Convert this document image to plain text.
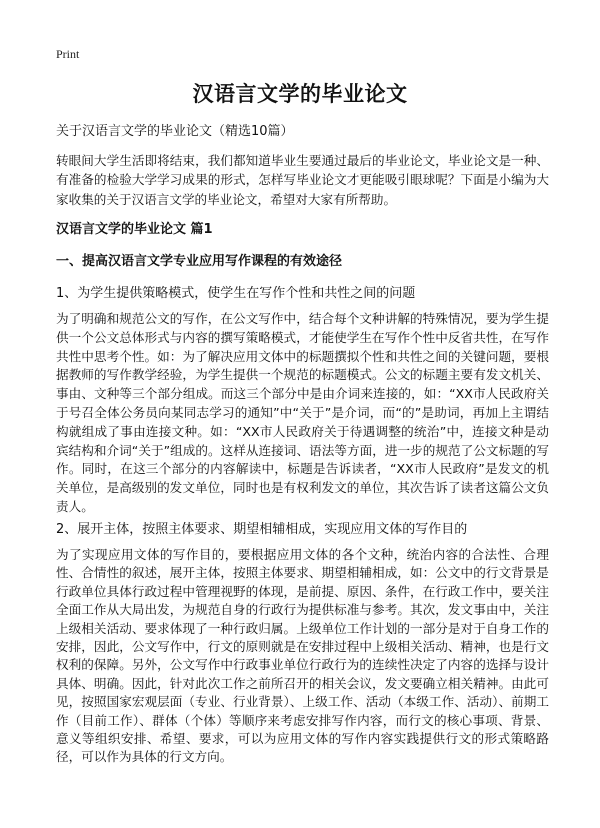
Print
汉语言文学的毕业论文
关于汉语言文学的毕业论文（精选10篇）

转眼间大学生活即将结束，我们都知道毕业生要通过最后的毕业论文，毕业论文是一种、有准备的检验大学学习成果的形式，怎样写毕业论文才更能吸引眼球呢？下面是小编为大家收集的关于汉语言文学的毕业论文，希望对大家有所帮助。

汉语言文学的毕业论文 篇1
一、提高汉语言文学专业应用写作课程的有效途径
1、为学生提供策略模式，使学生在写作个性和共性之间的问题

为了明确和规范公文的写作，在公文写作中，结合每个文种讲解的特殊情况，要为学生提供一个公文总体形式与内容的撰写策略模式，才能使学生在写作个性中反省共性，在写作共性中思考个性。如：为了解决应用文体中的标题撰拟个性和共性之间的关键问题，要根据教师的写作教学经验，为学生提供一个规范的标题模式。公文的标题主要有发文机关、事由、文种等三个部分组成。而这三个部分中是由介词来连接的，如：“XX市人民政府关于号召全体公务员向某同志学习的通知”中“关于”是介词，而“的”是助词，再加上主谓结构就组成了事由连接文种。如：“XX市人民政府关于待遇调整的统治”中，连接文种是动宾结构和介词“关于”组成的。这样从连接词、语法等方面，进一步的规范了公文标题的写作。同时，在这三个部分的内容解读中，标题是告诉读者，“XX市人民政府”是发文的机关单位，是高级别的发文单位，同时也是有权利发文的单位，其次告诉了读者这篇公文负责人。

2、展开主体，按照主体要求、期望相辅相成，实现应用文体的写作目的

为了实现应用文体的写作目的，要根据应用文体的各个文种，统治内容的合法性、合理性、合情性的叙述，展开主体，按照主体要求、期望相辅相成，如：公文中的行文背景是行政单位具体行政过程中管理视野的体现，是前提、原因、条件，在行政工作中，要关注全面工作从大局出发，为规范自身的行政行为提供标准与参考。其次，发文事由中，关注上级相关活动、要求体现了一种行政归属。上级单位工作计划的一部分是对于自身工作的安排，因此，公文写作中，行文的原则就是在安排过程中上级相关活动、精神，也是行文权利的保障。另外，公文写作中行政事业单位行政行为的连续性决定了内容的选择与设计具体、明确。因此，针对此次工作之前所召开的相关会议，发文要确立相关精神。由此可见，按照国家宏观层面（专业、行业背景）、上级工作、活动（本级工作、活动）、前期工作（目前工作）、群体（个体）等顺序来考虑安排写作内容，而行文的核心事项、背景、意义等组织安排、希望、要求，可以为应用文体的写作内容实践提供行文的形式策略路径，可以作为具体的行文方向。
